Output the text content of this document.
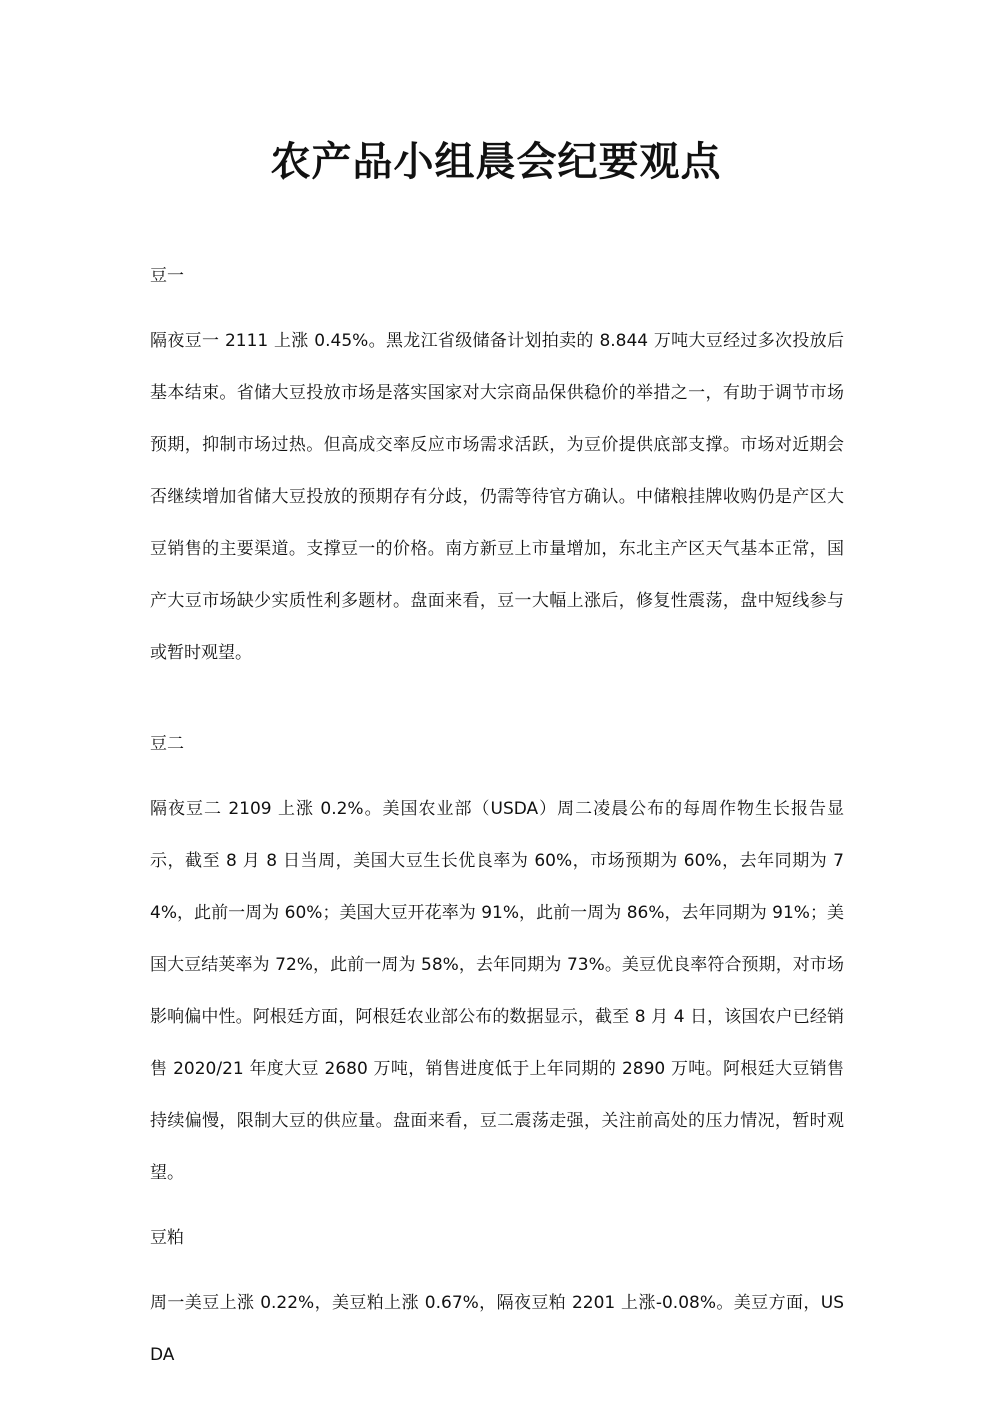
农产品小组晨会纪要观点

豆一

隔夜豆一 2111 上涨 0.45%。黑龙江省级储备计划拍卖的 8.844 万吨大豆经过多次投放后基本结束。省储大豆投放市场是落实国家对大宗商品保供稳价的举措之一，有助于调节市场预期，抑制市场过热。但高成交率反应市场需求活跃，为豆价提供底部支撑。市场对近期会否继续增加省储大豆投放的预期存有分歧，仍需等待官方确认。中储粮挂牌收购仍是产区大豆销售的主要渠道。支撑豆一的价格。南方新豆上市量增加，东北主产区天气基本正常，国产大豆市场缺少实质性利多题材。盘面来看，豆一大幅上涨后，修复性震荡，盘中短线参与或暂时观望。

豆二

隔夜豆二 2109 上涨 0.2%。美国农业部（USDA）周二凌晨公布的每周作物生长报告显示，截至 8 月 8 日当周，美国大豆生长优良率为 60%，市场预期为 60%，去年同期为 74%，此前一周为 60%；美国大豆开花率为 91%，此前一周为 86%，去年同期为 91%；美国大豆结荚率为 72%，此前一周为 58%，去年同期为 73%。美豆优良率符合预期，对市场影响偏中性。阿根廷方面，阿根廷农业部公布的数据显示，截至 8 月 4 日，该国农户已经销售 2020/21 年度大豆 2680 万吨，销售进度低于上年同期的 2890 万吨。阿根廷大豆销售持续偏慢，限制大豆的供应量。盘面来看，豆二震荡走强，关注前高处的压力情况，暂时观望。

豆粕

周一美豆上涨 0.22%，美豆粕上涨 0.67%，隔夜豆粕 2201 上涨-0.08%。美豆方面，USDA
